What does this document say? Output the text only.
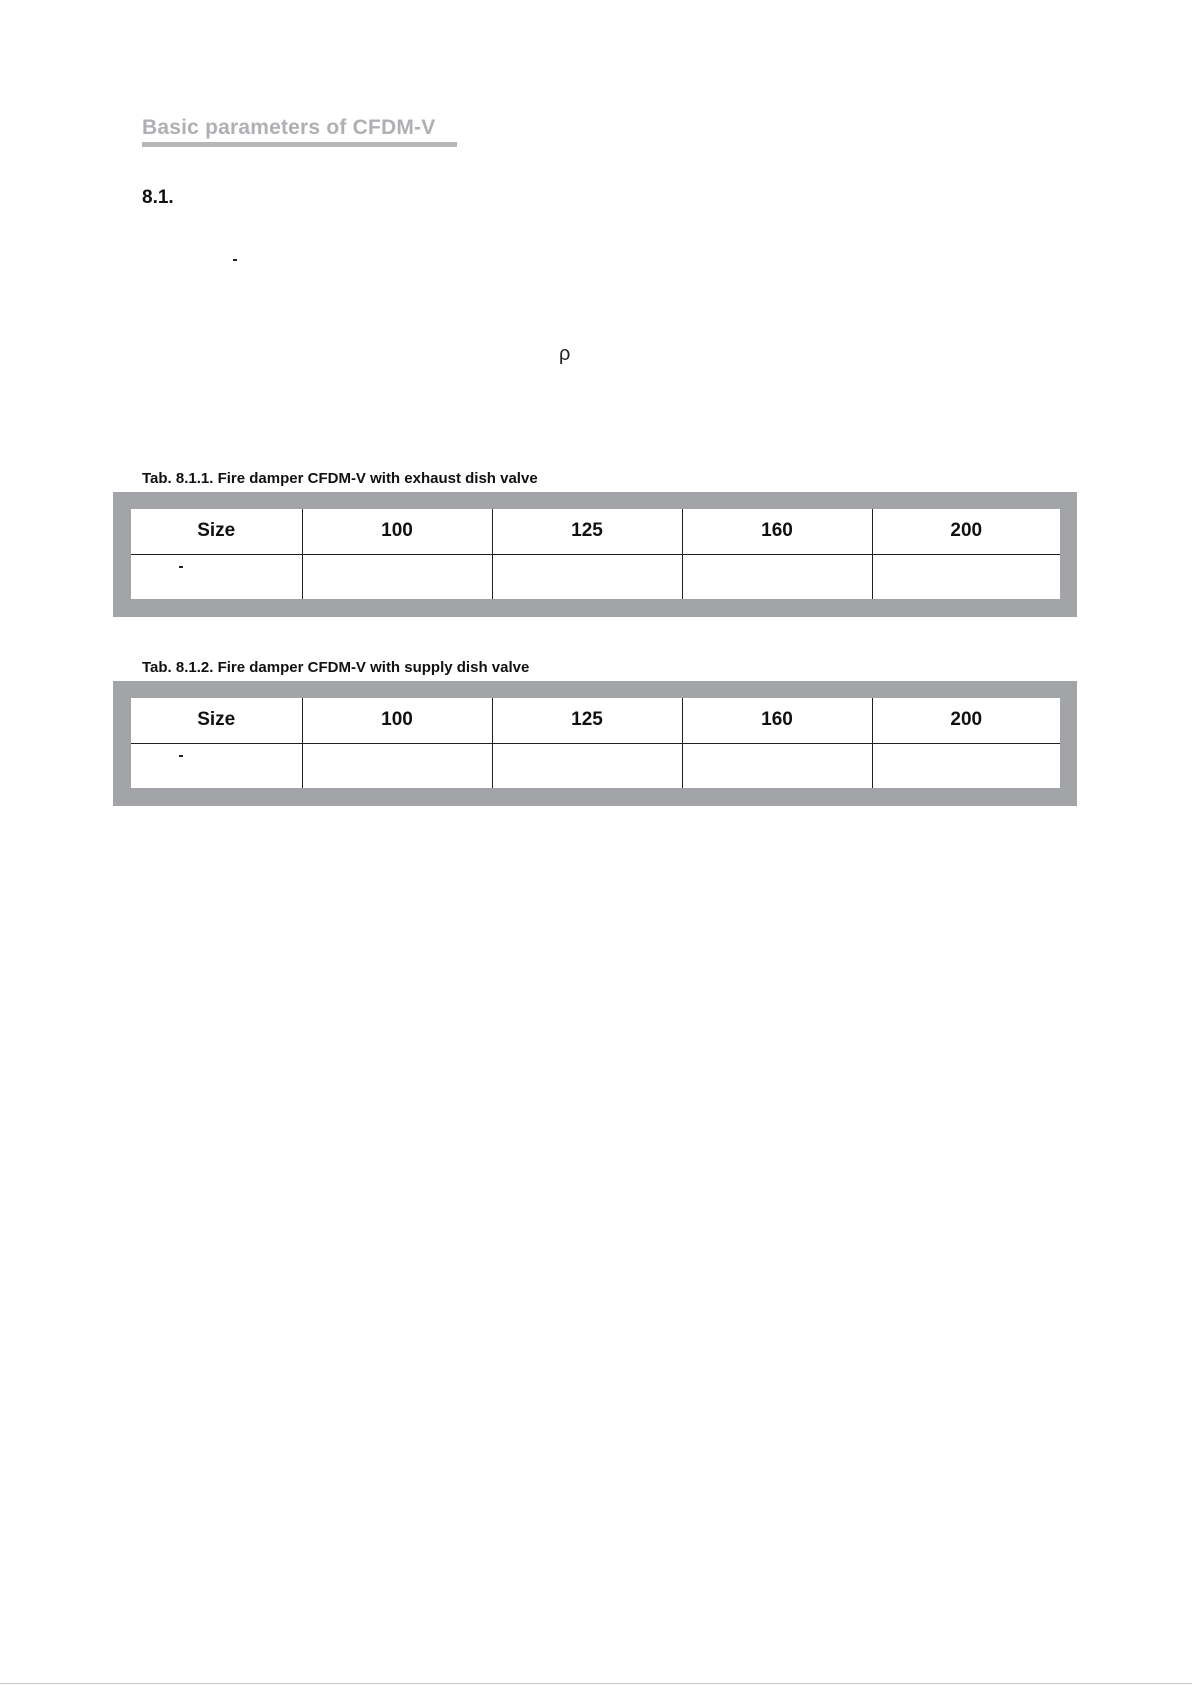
Basic parameters of CFDM-V
8.1.
ρ
Tab. 8.1.1. Fire damper CFDM-V with exhaust dish valve
Size	100	125	160	200

Tab. 8.1.2. Fire damper CFDM-V with supply dish valve
Size	100	125	160	200
